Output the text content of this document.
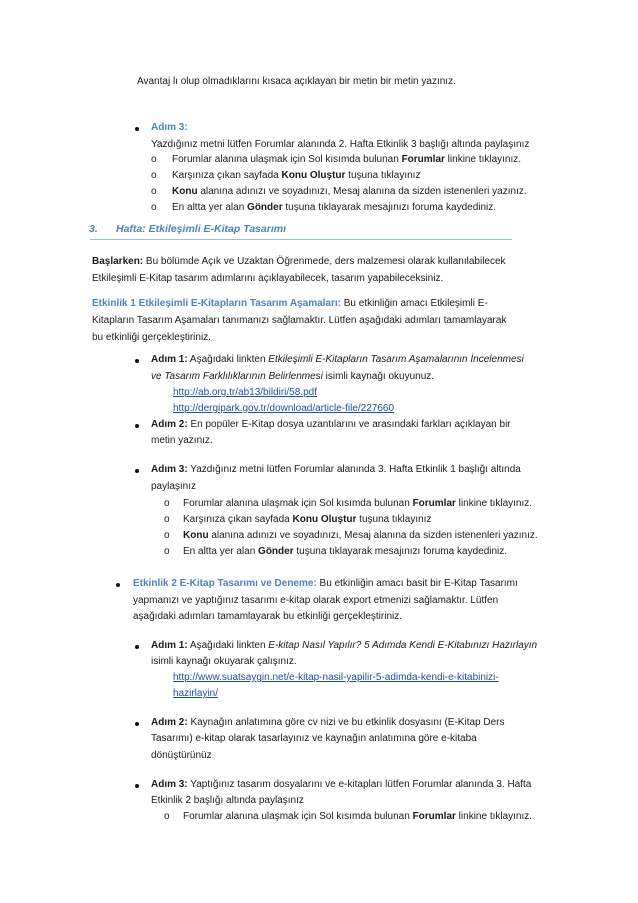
Avantaj lı olup olmadıklarını kısaca açıklayan bir metin bir metin yazınız.
Adım 3:
Yazdığınız metni lütfen Forumlar alanında 2. Hafta Etkinlik 3 başlığı altında paylaşınız
o Forumlar alanına ulaşmak için Sol kısımda bulunan Forumlar linkine tıklayınız.
o Karşınıza çıkan sayfada Konu Oluştur tuşuna tıklayınız
o Konu alanına adınızı ve soyadınızı, Mesaj alanına da sizden istenenleri yazınız.
o En altta yer alan Gönder tuşuna tıklayarak mesajınızı foruma kaydediniz.
3. Hafta: Etkileşimli E-Kitap Tasarımı
Başlarken: Bu bölümde Açık ve Uzaktan Öğrenmede, ders malzemesi olarak kullanılabilecek
Etkileşimli E-Kitap tasarım adımlarını açıklayabilecek, tasarım yapabileceksiniz.
Etkinlik 1 Etkileşimli E-Kitapların Tasarım Aşamaları: Bu etkinliğin amacı Etkileşimli E-
Kitapların Tasarım Aşamaları tanımanızı sağlamaktır. Lütfen aşağıdaki adımları tamamlayarak
bu etkinliği gerçekleştiriniz.
Adım 1: Aşağıdaki linkten Etkileşimli E-Kitapların Tasarım Aşamalarının İncelenmesi
ve Tasarım Farklılıklarının Belirlenmesi isimli kaynağı okuyunuz.
http://ab.org.tr/ab13/bildiri/58.pdf
http://dergipark.gov.tr/download/article-file/227660
Adım 2: En popüler E-Kitap dosya uzantılarını ve arasındaki farkları açıklayan bir
metin yazınız.
Adım 3: Yazdığınız metni lütfen Forumlar alanında 3. Hafta Etkinlik 1 başlığı altında
paylaşınız
o Forumlar alanına ulaşmak için Sol kısımda bulunan Forumlar linkine tıklayınız.
o Karşınıza çıkan sayfada Konu Oluştur tuşuna tıklayınız
o Konu alanına adınızı ve soyadınızı, Mesaj alanına da sizden istenenleri yazınız.
o En altta yer alan Gönder tuşuna tıklayarak mesajınızı foruma kaydediniz.
Etkinlik 2 E-Kitap Tasarımı ve Deneme: Bu etkinliğin amacı basit bir E-Kitap Tasarımı
yapmanızı ve yaptığınız tasarımı e-kitap olarak export etmenizi sağlamaktır. Lütfen
aşağıdaki adımları tamamlayarak bu etkinliği gerçekleştiriniz.
Adım 1: Aşağıdaki linkten E-kitap Nasıl Yapılır? 5 Adımda Kendi E-Kitabınızı Hazırlayın
isimli kaynağı okuyarak çalışınız.
http://www.suatsaygin.net/e-kitap-nasil-yapilir-5-adimda-kendi-e-kitabinizi-
hazirlayin/
Adım 2: Kaynağın anlatımına göre cv nizi ve bu etkinlik dosyasını (E-Kitap Ders
Tasarımı) e-kitap olarak tasarlayınız ve kaynağın anlatımına göre e-kitaba
dönüştürünüz
Adım 3: Yaptığınız tasarım dosyalarını ve e-kitapları lütfen Forumlar alanında 3. Hafta
Etkinlik 2 başlığı altında paylaşınız
o Forumlar alanına ulaşmak için Sol kısımda bulunan Forumlar linkine tıklayınız.
